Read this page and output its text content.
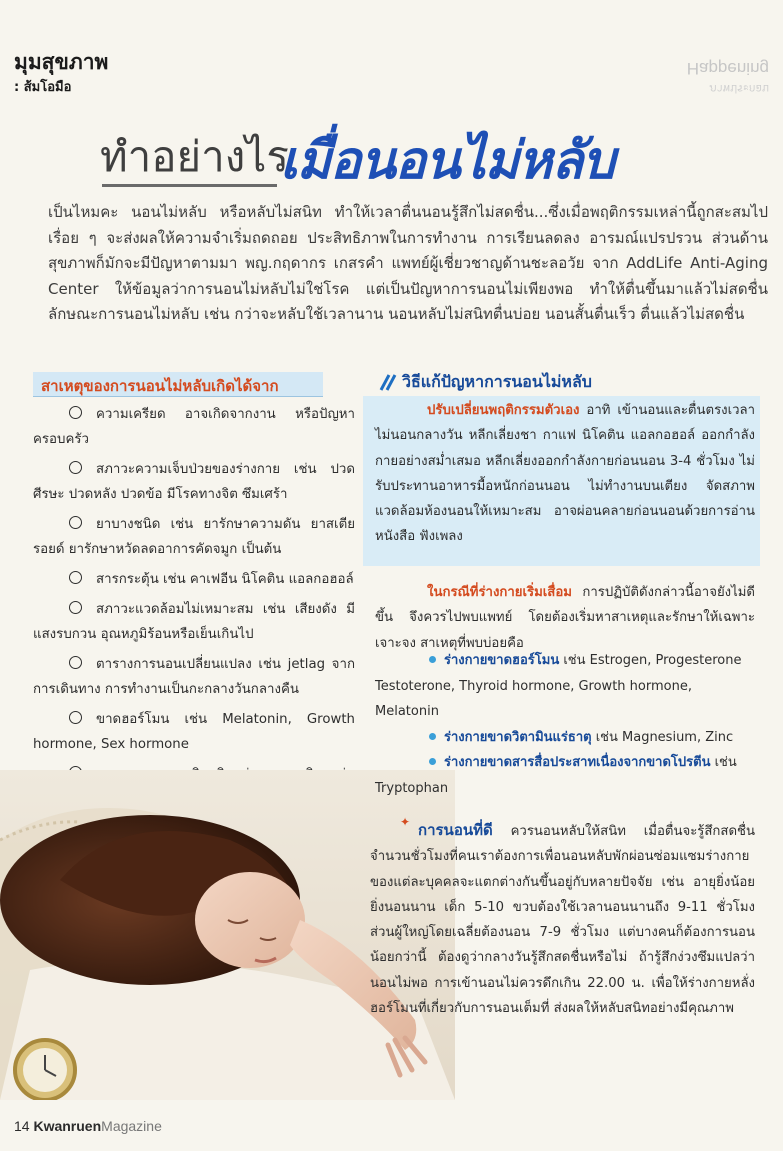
มุมสุขภาพ
: ส้มโอมือ
Happening
ภาพประกอบ
ทำอย่างไร
เมื่อนอนไม่หลับ
เป็นไหมคะ นอนไม่หลับ หรือหลับไม่สนิท ทำให้เวลาตื่นนอนรู้สึกไม่สดชื่น...ซึ่งเมื่อพฤติกรรมเหล่านี้ถูกสะสมไปเรื่อย ๆ จะส่งผลให้ความจำเริ่มถดถอย ประสิทธิภาพในการทำงาน การเรียนลดลง อารมณ์แปรปรวน ส่วนด้านสุขภาพก็มักจะมีปัญหาตามมา พญ.กฤดากร เกสรคำ แพทย์ผู้เชี่ยวชาญด้านชะลอวัย จาก AddLife Anti-Aging Center ให้ข้อมูลว่าการนอนไม่หลับไม่ใช่โรค แต่เป็นปัญหาการนอนไม่เพียงพอ ทำให้ตื่นขึ้นมาแล้วไม่สดชื่น ลักษณะการนอนไม่หลับ เช่น กว่าจะหลับใช้เวลานาน นอนหลับไม่สนิทตื่นบ่อย นอนสั้นตื่นเร็ว ตื่นแล้วไม่สดชื่น
สาเหตุของการนอนไม่หลับเกิดได้จาก
ความเครียด อาจเกิดจากงาน หรือปัญหาครอบครัว
สภาวะความเจ็บป่วยของร่างกาย เช่น ปวดศีรษะ ปวดหลัง ปวดข้อ มีโรคทางจิต ซึมเศร้า
ยาบางชนิด เช่น ยารักษาความดัน ยาสเตียรอยด์ ยารักษาหวัดลดอาการคัดจมูก เป็นต้น
สารกระตุ้น เช่น คาเฟอีน นิโคติน แอลกอฮอล์
สภาวะแวดล้อมไม่เหมาะสม เช่น เสียงดัง มีแสงรบกวน อุณหภูมิร้อนหรือเย็นเกินไป
ตารางการนอนเปลี่ยนแปลง เช่น jetlag จากการเดินทาง การทำงานเป็นกะกลางวันกลางคืน
ขาดฮอร์โมน เช่น Melatonin, Growth hormone, Sex hormone
วิธีแก้ปัญหาการนอนไม่หลับ
ปรับเปลี่ยนพฤติกรรมตัวเอง อาทิ เข้านอนและตื่นตรงเวลา ไม่นอนกลางวัน หลีกเลี่ยงชา กาแฟ นิโคติน แอลกอฮอล์ ออกกำลังกายอย่างสม่ำเสมอ หลีกเลี่ยงออกกำลังกายก่อนนอน 3-4 ชั่วโมง ไม่รับประทานอาหารมื้อหนักก่อนนอน ไม่ทำงานบนเตียง จัดสภาพแวดล้อมห้องนอนให้เหมาะสม อาจผ่อนคลายก่อนนอนด้วยการอ่านหนังสือ ฟังเพลง
ในกรณีที่ร่างกายเริ่มเสื่อม การปฏิบัติดังกล่าวนี้อาจยังไม่ดีขึ้น จึงควรไปพบแพทย์ โดยต้องเริ่มหาสาเหตุและรักษาให้เฉพาะเจาะจง สาเหตุที่พบบ่อยคือ
ร่างกายขาดฮอร์โมน เช่น Estrogen, Progesterone Testoterone, Thyroid hormone, Growth hormone, Melatonin
ร่างกายขาดวิตามินแร่ธาตุ เช่น Magnesium, Zinc
ร่างกายขาดสารสื่อประสาทเนื่องจากขาดโปรตีน เช่น Tryptophan
✦ การนอนที่ดี ควรนอนหลับให้สนิท เมื่อตื่นจะรู้สึกสดชื่น จำนวนชั่วโมงที่คนเราต้องการเพื่อนอนหลับพักผ่อนซ่อมแซมร่างกายของแต่ละบุคคลจะแตกต่างกันขึ้นอยู่กับหลายปัจจัย เช่น อายุยิ่งน้อยยิ่งนอนนาน เด็ก 5-10 ขวบต้องใช้เวลานอนนานถึง 9-11 ชั่วโมง ส่วนผู้ใหญ่โดยเฉลี่ยต้องนอน 7-9 ชั่วโมง แต่บางคนก็ต้องการนอนน้อยกว่านี้ ต้องดูว่ากลางวันรู้สึกสดชื่นหรือไม่ ถ้ารู้สึกง่วงซึมแปลว่านอนไม่พอ การเข้านอนไม่ควรดึกเกิน 22.00 น. เพื่อให้ร่างกายหลั่งฮอร์โมนที่เกี่ยวกับการนอนเต็มที่ ส่งผลให้หลับสนิทอย่างมีคุณภาพ
14 KwanruenMagazine
